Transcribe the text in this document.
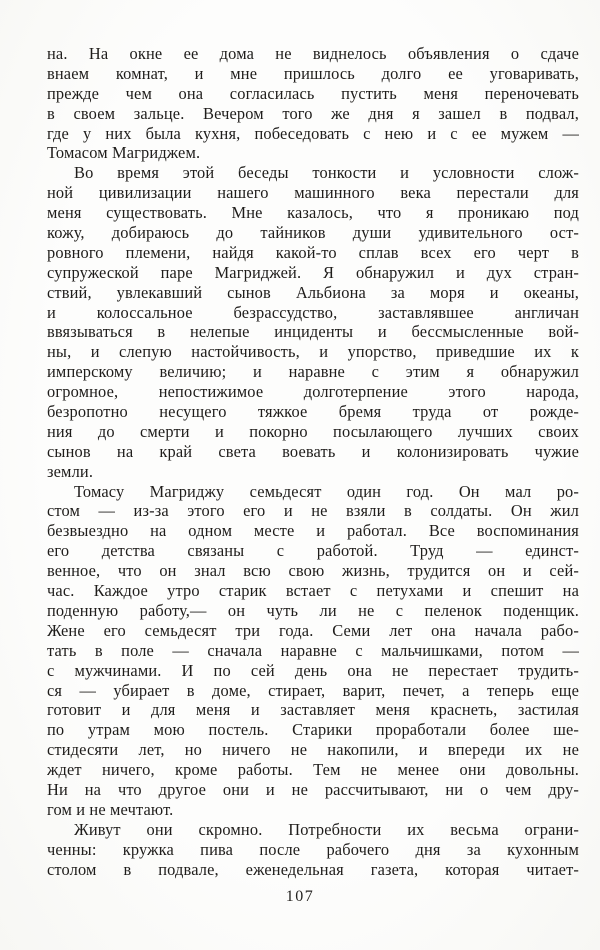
на. На окне ее дома не виднелось объявления о сдаче
внаем комнат, и мне пришлось долго ее уговаривать,
прежде чем она согласилась пустить меня переночевать
в своем зальце. Вечером того же дня я зашел в подвал,
где у них была кухня, побеседовать с нею и с ее мужем —
Томасом Магриджем.
Во время этой беседы тонкости и условности слож-
ной цивилизации нашего машинного века перестали для
меня существовать. Мне казалось, что я проникаю под
кожу, добираюсь до тайников души удивительного ост-
ровного племени, найдя какой-то сплав всех его черт в
супружеской паре Магриджей. Я обнаружил и дух стран-
ствий, увлекавший сынов Альбиона за моря и океаны,
и колоссальное безрассудство, заставлявшее англичан
ввязываться в нелепые инциденты и бессмысленные вой-
ны, и слепую настойчивость, и упорство, приведшие их к
имперскому величию; и наравне с этим я обнаружил
огромное, непостижимое долготерпение этого народа,
безропотно несущего тяжкое бремя труда от рожде-
ния до смерти и покорно посылающего лучших своих
сынов на край света воевать и колонизировать чужие
земли.
Томасу Магриджу семьдесят один год. Он мал ро-
стом — из-за этого его и не взяли в солдаты. Он жил
безвыездно на одном месте и работал. Все воспоминания
его детства связаны с работой. Труд — единст-
венное, что он знал всю свою жизнь, трудится он и сей-
час. Каждое утро старик встает с петухами и спешит на
поденную работу,— он чуть ли не с пеленок поденщик.
Жене его семьдесят три года. Семи лет она начала рабо-
тать в поле — сначала наравне с мальчишками, потом —
с мужчинами. И по сей день она не перестает трудить-
ся — убирает в доме, стирает, варит, печет, а теперь еще
готовит и для меня и заставляет меня краснеть, застилая
по утрам мою постель. Старики проработали более ше-
стидесяти лет, но ничего не накопили, и впереди их не
ждет ничего, кроме работы. Тем не менее они довольны.
Ни на что другое они и не рассчитывают, ни о чем дру-
гом и не мечтают.
Живут они скромно. Потребности их весьма ограни-
ченны: кружка пива после рабочего дня за кухонным
столом в подвале, еженедельная газета, которая читает-
107
